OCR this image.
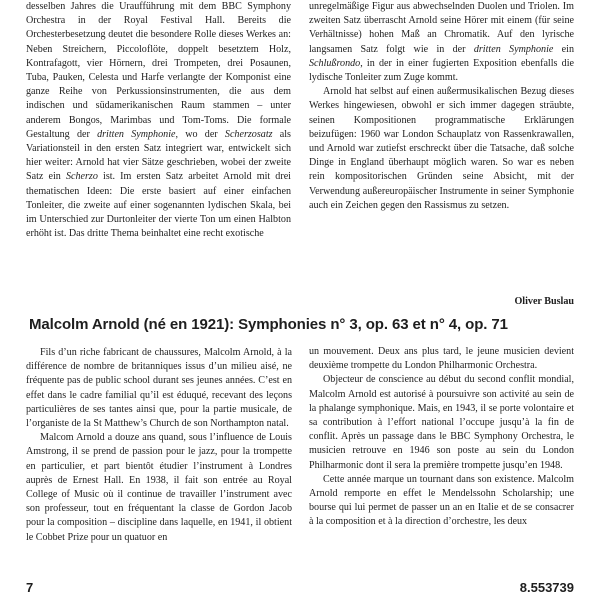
desselben Jahres die Uraufführung mit dem BBC Symphony Orchestra in der Royal Festival Hall. Bereits die Orchesterbesetzung deutet die besondere Rolle dieses Werkes an: Neben Streichern, Piccoloflöte, doppelt besetztem Holz, Kontrafagott, vier Hörnern, drei Trompeten, drei Posaunen, Tuba, Pauken, Celesta und Harfe verlangte der Komponist eine ganze Reihe von Perkussionsinstrumenten, die aus dem indischen und südamerikanischen Raum stammen – unter anderem Bongos, Marimbas und Tom-Toms. Die formale Gestaltung der dritten Symphonie, wo der Scherzosatz als Variationsteil in den ersten Satz integriert war, entwickelt sich hier weiter: Arnold hat vier Sätze geschrieben, wobei der zweite Satz ein Scherzo ist. Im ersten Satz arbeitet Arnold mit drei thematischen Ideen: Die erste basiert auf einer einfachen Tonleiter, die zweite auf einer sogenannten lydischen Skala, bei im Unterschied zur Durtonleiter der vierte Ton um einen Halbton erhöht ist. Das dritte Thema beinhaltet eine recht exotische

unregelmäßige Figur aus abwechselnden Duolen und Triolen. Im zweiten Satz überrascht Arnold seine Hörer mit einem (für seine Verhältnisse) hohen Maß an Chromatik. Auf den lyrische langsamen Satz folgt wie in der dritten Symphonie ein Schlußrondo, in der in einer fugierten Exposition ebenfalls die lydische Tonleiter zum Zuge kommt.

Arnold hat selbst auf einen außermusikalischen Bezug dieses Werkes hingewiesen, obwohl er sich immer dagegen sträubte, seinen Kompositionen programmatische Erklärungen beizufügen: 1960 war London Schauplatz von Rassenkrawallen, und Arnold war zutiefst erschreckt über die Tatsache, daß solche Dinge in England überhaupt möglich waren. So war es neben rein kompositorischen Gründen seine Absicht, mit der Verwendung außereuropäischer Instrumente in seiner Symphonie auch ein Zeichen gegen den Rassismus zu setzen.

Oliver Buslau
Malcolm Arnold (né en 1921): Symphonies n° 3, op. 63 et n° 4, op. 71

Fils d’un riche fabricant de chaussures, Malcolm Arnold, à la différence de nombre de britanniques issus d’un milieu aisé, ne fréquente pas de public school durant ses jeunes années. C’est en effet dans le cadre familial qu’il est éduqué, recevant des leçons particulières de ses tantes ainsi que, pour la partie musicale, de l’organiste de la St Matthew’s Church de son Northampton natal.

Malcom Arnold a douze ans quand, sous l’influence de Louis Amstrong, il se prend de passion pour le jazz, pour la trompette en particulier, et part bientôt étudier l’instrument à Londres auprès de Ernest Hall. En 1938, il fait son entrée au Royal College of Music où il continue de travailler l’instrument avec son professeur, tout en fréquentant la classe de Gordon Jacob pour la composition – discipline dans laquelle, en 1941, il obtient le Cobbet Prize pour un quatuor en

un mouvement. Deux ans plus tard, le jeune musicien devient deuxième trompette du London Philharmonic Orchestra.

Objecteur de conscience au début du second conflit mondial, Malcolm Arnold est autorisé à poursuivre son activité au sein de la phalange symphonique. Mais, en 1943, il se porte volontaire et sa contribution à l’effort national l’occupe jusqu’à la fin de conflit. Après un passage dans le BBC Symphony Orchestra, le musicien retrouve en 1946 son poste au sein du London Philharmonic dont il sera la première trompette jusqu’en 1948.

Cette année marque un tournant dans son existence. Malcolm Arnold remporte en effet le Mendelssohn Scholarship; une bourse qui lui permet de passer un an en Italie et de se consacrer à la composition et à la direction d’orchestre, les deux

7	8.553739
